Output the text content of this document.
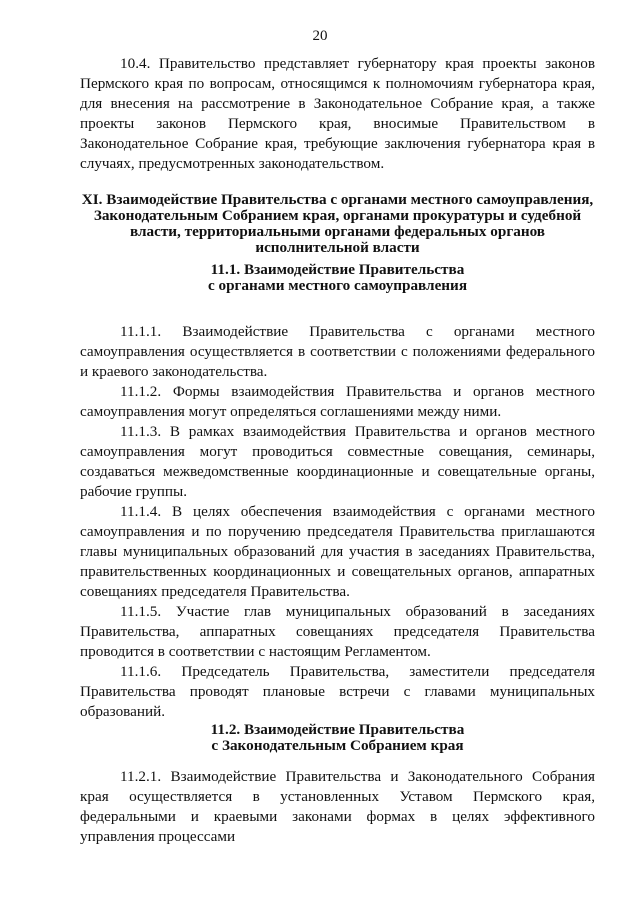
20

10.4. Правительство представляет губернатору края проекты законов Пермского края по вопросам, относящимся к полномочиям губернатора края, для внесения на рассмотрение в Законодательное Собрание края, а также проекты законов Пермского края, вносимые Правительством в Законодательное Собрание края, требующие заключения губернатора края в случаях, предусмотренных законодательством.

XI. Взаимодействие Правительства с органами местного самоуправления,

Законодательным Собранием края, органами прокуратуры и судебной

власти, территориальными органами федеральных органов

исполнительной власти

11.1. Взаимодействие Правительства

с органами местного самоуправления

11.1.1. Взаимодействие Правительства с органами местного самоуправления осуществляется в соответствии с положениями федерального и краевого законодательства.

11.1.2. Формы взаимодействия Правительства и органов местного самоуправления могут определяться соглашениями между ними.

11.1.3. В рамках взаимодействия Правительства и органов местного самоуправления могут проводиться совместные совещания, семинары, создаваться межведомственные координационные и совещательные органы, рабочие группы.

11.1.4. В целях обеспечения взаимодействия с органами местного самоуправления и по поручению председателя Правительства приглашаются главы муниципальных образований для участия в заседаниях Правительства, правительственных координационных и совещательных органов, аппаратных совещаниях председателя Правительства.

11.1.5. Участие глав муниципальных образований в заседаниях Правительства, аппаратных совещаниях председателя Правительства проводится в соответствии с настоящим Регламентом.

11.1.6. Председатель Правительства, заместители председателя Правительства проводят плановые встречи с главами муниципальных образований.

11.2. Взаимодействие Правительства

с Законодательным Собранием края

11.2.1. Взаимодействие Правительства и Законодательного Собрания края осуществляется в установленных Уставом Пермского края, федеральными и краевыми законами формах в целях эффективного управления процессами
